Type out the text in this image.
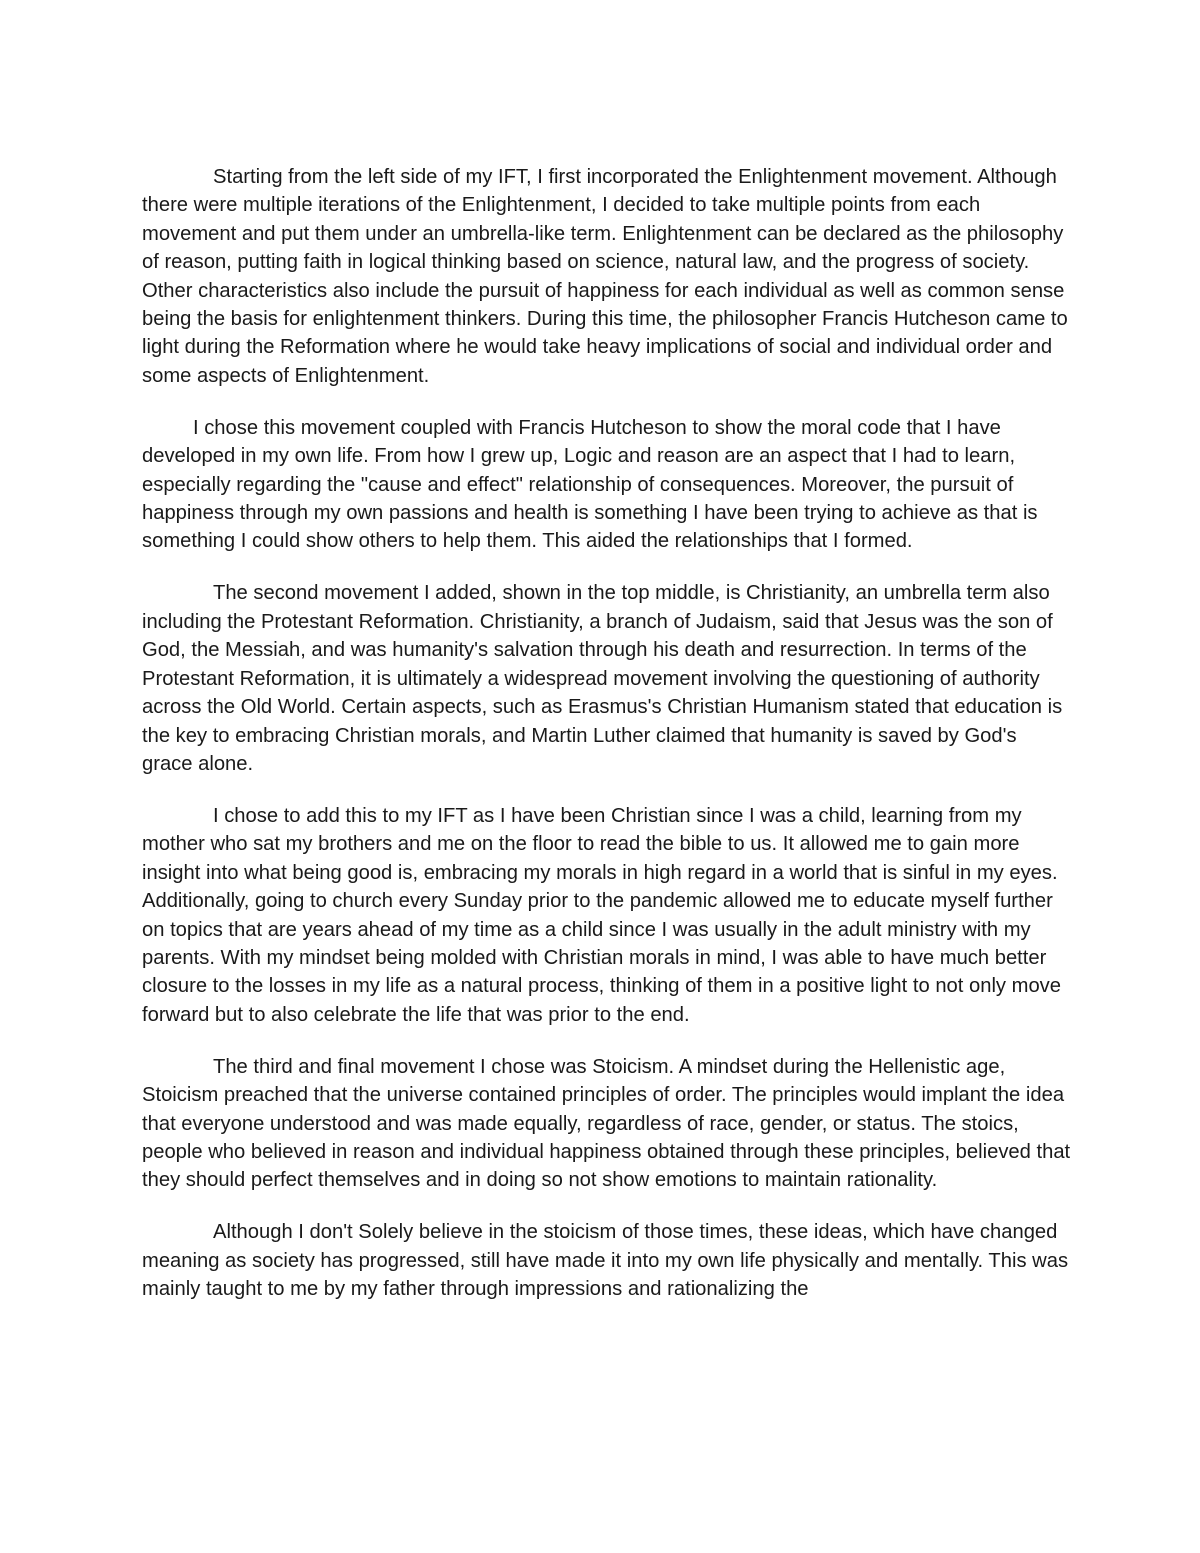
Starting from the left side of my IFT, I first incorporated the Enlightenment movement. Although there were multiple iterations of the Enlightenment, I decided to take multiple points from each movement and put them under an umbrella-like term. Enlightenment can be declared as the philosophy of reason, putting faith in logical thinking based on science, natural law, and the progress of society. Other characteristics also include the pursuit of happiness for each individual as well as common sense being the basis for enlightenment thinkers. During this time, the philosopher Francis Hutcheson came to light during the Reformation where he would take heavy implications of social and individual order and some aspects of Enlightenment.

I chose this movement coupled with Francis Hutcheson to show the moral code that I have developed in my own life. From how I grew up, Logic and reason are an aspect that I had to learn, especially regarding the "cause and effect" relationship of consequences. Moreover, the pursuit of happiness through my own passions and health is something I have been trying to achieve as that is something I could show others to help them. This aided the relationships that I formed.

The second movement I added, shown in the top middle, is Christianity, an umbrella term also including the Protestant Reformation. Christianity, a branch of Judaism, said that Jesus was the son of God, the Messiah, and was humanity's salvation through his death and resurrection. In terms of the Protestant Reformation, it is ultimately a widespread movement involving the questioning of authority across the Old World. Certain aspects, such as Erasmus's Christian Humanism stated that education is the key to embracing Christian morals, and Martin Luther claimed that humanity is saved by God's grace alone.

I chose to add this to my IFT as I have been Christian since I was a child, learning from my mother who sat my brothers and me on the floor to read the bible to us. It allowed me to gain more insight into what being good is, embracing my morals in high regard in a world that is sinful in my eyes. Additionally, going to church every Sunday prior to the pandemic allowed me to educate myself further on topics that are years ahead of my time as a child since I was usually in the adult ministry with my parents. With my mindset being molded with Christian morals in mind, I was able to have much better closure to the losses in my life as a natural process, thinking of them in a positive light to not only move forward but to also celebrate the life that was prior to the end.

The third and final movement I chose was Stoicism. A mindset during the Hellenistic age, Stoicism preached that the universe contained principles of order. The principles would implant the idea that everyone understood and was made equally, regardless of race, gender, or status. The stoics, people who believed in reason and individual happiness obtained through these principles, believed that they should perfect themselves and in doing so not show emotions to maintain rationality.

Although I don't Solely believe in the stoicism of those times, these ideas, which have changed meaning as society has progressed, still have made it into my own life physically and mentally. This was mainly taught to me by my father through impressions and rationalizing the
